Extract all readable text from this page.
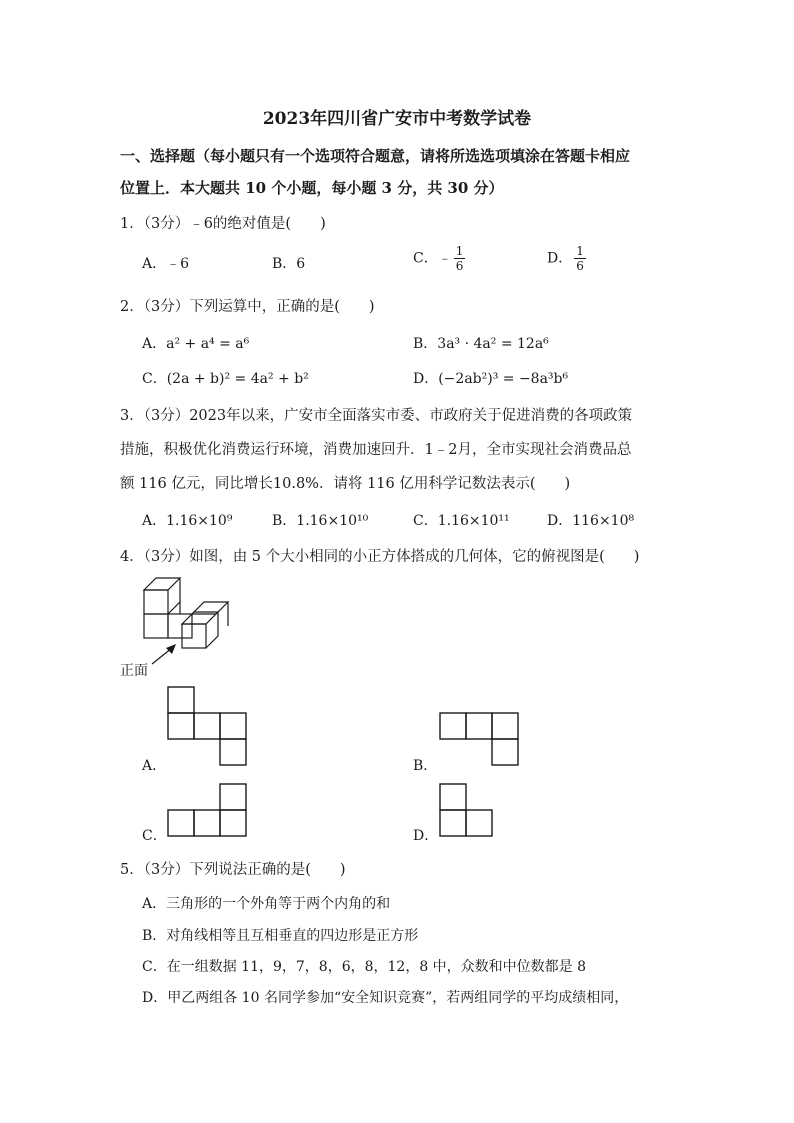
2023年四川省广安市中考数学试卷
一、选择题（每小题只有一个选项符合题意，请将所选选项填涂在答题卡相应
位置上．本大题共 10 个小题，每小题 3 分，共 30 分）
1．（3分）﹣6的绝对值是(　　)
A．﹣6	B．6	C．﹣ $\frac{1}{6}$	D． $\frac{1}{6}$
2．（3分）下列运算中，正确的是(　　)
A．a² + a⁴ = a⁶	B．3a³ · 4a² = 12a⁶
C．(2a + b)² = 4a² + b²	D．(−2ab²)³ = −8a³b⁶
3．（3分）2023年以来，广安市全面落实市委、市政府关于促进消费的各项政策
措施，积极优化消费运行环境，消费加速回升．1﹣2月，全市实现社会消费品总
额 116 亿元，同比增长10.8%．请将 116 亿用科学记数法表示(　　)
A．1.16×10⁹	B．1.16×10¹⁰	C．1.16×10¹¹	D．116×10⁸
4．（3分）如图，由 5 个大小相同的小正方体搭成的几何体，它的俯视图是(　　)
正面
A．	B．
C．	D．
5．（3分）下列说法正确的是(　　)
A．三角形的一个外角等于两个内角的和
B．对角线相等且互相垂直的四边形是正方形
C．在一组数据 11，9，7，8，6，8，12，8 中，众数和中位数都是 8
D．甲乙两组各 10 名同学参加“安全知识竞赛”，若两组同学的平均成绩相同，
